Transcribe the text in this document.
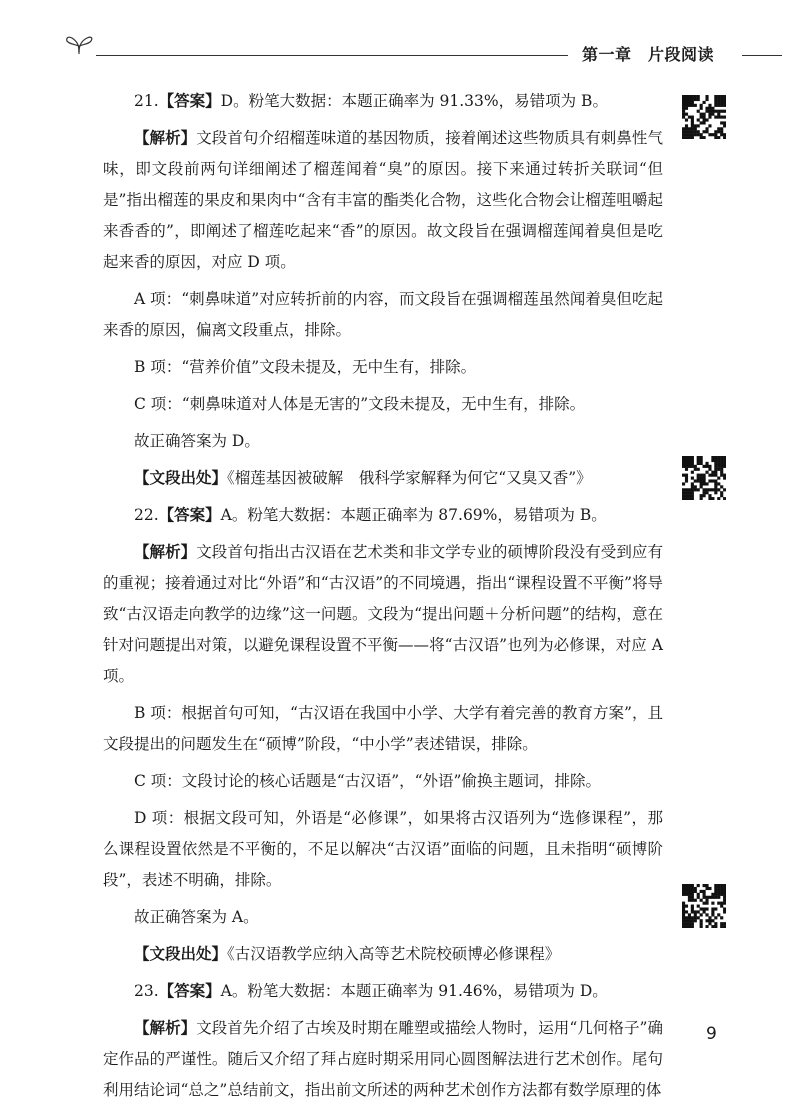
第一章　片段阅读

21.【答案】D。粉笔大数据：本题正确率为 91.33%，易错项为 B。

【解析】文段首句介绍榴莲味道的基因物质，接着阐述这些物质具有刺鼻性气味，即文段前两句详细阐述了榴莲闻着“臭”的原因。接下来通过转折关联词“但是”指出榴莲的果皮和果肉中“含有丰富的酯类化合物，这些化合物会让榴莲咀嚼起来香香的”，即阐述了榴莲吃起来“香”的原因。故文段旨在强调榴莲闻着臭但是吃起来香的原因，对应 D 项。

A 项：“刺鼻味道”对应转折前的内容，而文段旨在强调榴莲虽然闻着臭但吃起来香的原因，偏离文段重点，排除。

B 项：“营养价值”文段未提及，无中生有，排除。

C 项：“刺鼻味道对人体是无害的”文段未提及，无中生有，排除。

故正确答案为 D。

【文段出处】《榴莲基因被破解　俄科学家解释为何它“又臭又香”》

22.【答案】A。粉笔大数据：本题正确率为 87.69%，易错项为 B。

【解析】文段首句指出古汉语在艺术类和非文学专业的硕博阶段没有受到应有的重视；接着通过对比“外语”和“古汉语”的不同境遇，指出“课程设置不平衡”将导致“古汉语走向教学的边缘”这一问题。文段为“提出问题＋分析问题”的结构，意在针对问题提出对策，以避免课程设置不平衡——将“古汉语”也列为必修课，对应 A 项。

B 项：根据首句可知，“古汉语在我国中小学、大学有着完善的教育方案”，且文段提出的问题发生在“硕博”阶段，“中小学”表述错误，排除。

C 项：文段讨论的核心话题是“古汉语”，“外语”偷换主题词，排除。

D 项：根据文段可知，外语是“必修课”，如果将古汉语列为“选修课程”，那么课程设置依然是不平衡的，不足以解决“古汉语”面临的问题，且未指明“硕博阶段”，表述不明确，排除。

故正确答案为 A。

【文段出处】《古汉语教学应纳入高等艺术院校硕博必修课程》

23.【答案】A。粉笔大数据：本题正确率为 91.46%，易错项为 D。

【解析】文段首先介绍了古埃及时期在雕塑或描绘人物时，运用“几何格子”确定作品的严谨性。随后又介绍了拜占庭时期采用同心圆图解法进行艺术创作。尾句利用结论词“总之”总结前文，指出前文所述的两种艺术创作方法都有数学原理的体

9
